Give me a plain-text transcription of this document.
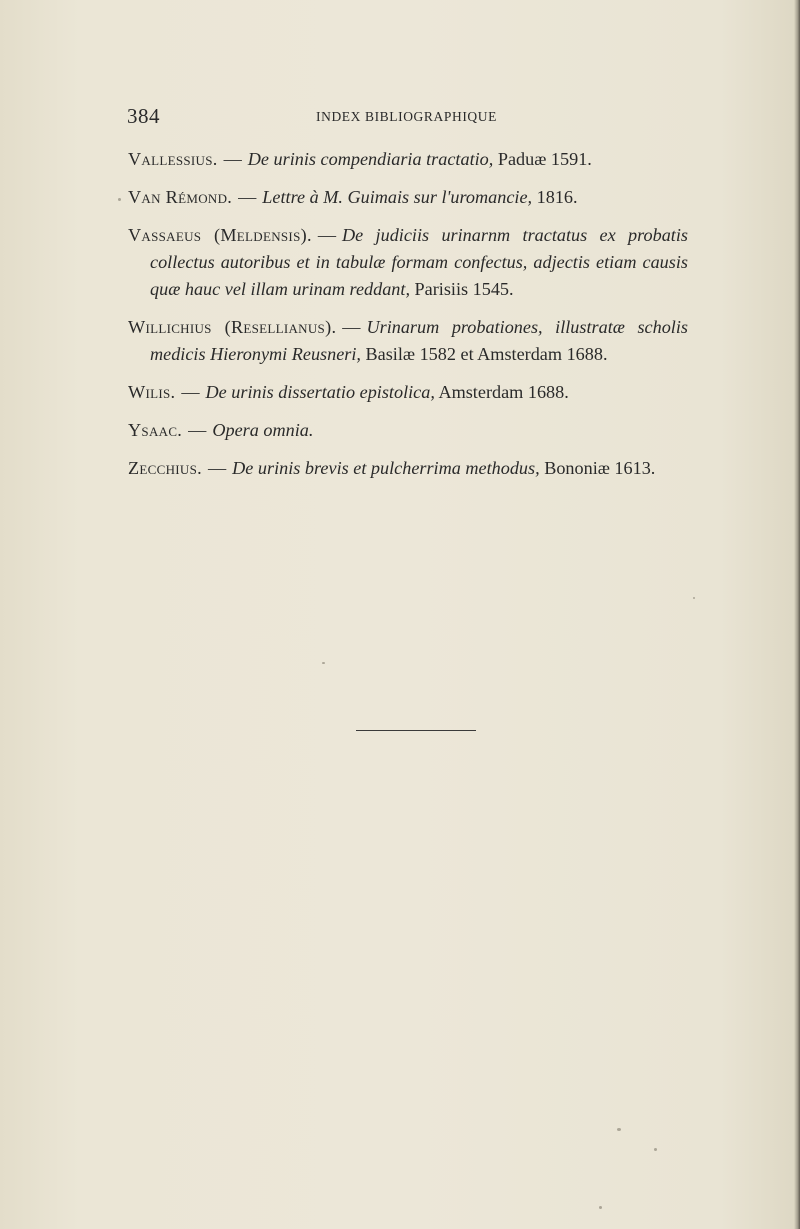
384	INDEX BIBLIOGRAPHIQUE
Vallessius. — De urinis compendiaria tractatio, Paduæ 1591.
Van Rémond. — Lettre à M. Guimais sur l'uromancie, 1816.
Vassaeus (Meldensis). — De judiciis urinarnm tractatus ex probatis collectus autoribus et in tabulæ formam confectus, adjectis etiam causis quæ hauc vel illam urinam reddant, Parisiis 1545.
Willichius (Resellianus). — Urinarum probationes, illustratæ scholis medicis Hieronymi Reusneri, Basilæ 1582 et Amsterdam 1688.
Wilis. — De urinis dissertatio epistolica, Amsterdam 1688.
Ysaac. — Opera omnia.
Zecchius. — De urinis brevis et pulcherrima methodus, Bononiæ 1613.
